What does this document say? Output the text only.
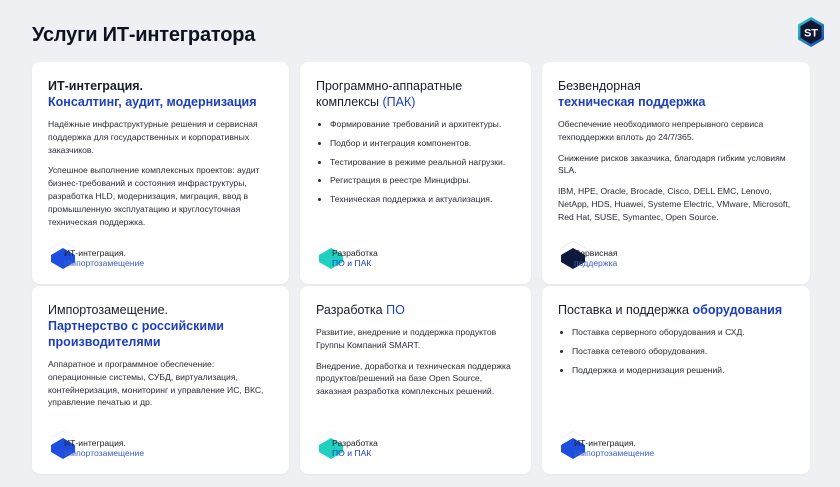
Услуги ИТ-интегратора	ST
ИТ-интеграция.
Консалтинг, аудит, модернизация

Надёжные инфраструктурные решения и сервисная поддержка для государственных и корпоративных заказчиков.

Успешное выполнение комплексных проектов: аудит бизнес-требований и состояния инфраструктуры, разработка HLD, модернизация, миграция, ввод в промышленную эксплуатацию и круглосуточная техническая поддержка.

ИТ-интеграция.
Импортозамещение
Программно-аппаратные
комплексы (ПАК)
Формирование требований и архитектуры.
Подбор и интеграция компонентов.
Тестирование в режиме реальной нагрузки.
Регистрация в реестре Минцифры.
Техническая поддержка и актуализация.
Разработка
ПО и ПАК
Безвендорная
техническая поддержка

Обеспечение необходимого непрерывного сервиса техподдержки вплоть до 24/7/365.

Снижение рисков заказчика, благодаря гибким условиям SLA.

IBM, HPE, Oracle, Brocade, Cisco, DELL EMC, Lenovo, NetApp, HDS, Huawei, Systeme Electric, VMware, Microsoft, Red Hat, SUSE, Symantec, Open Source.

Сервисная
поддержка
Импортозамещение.
Партнерство с российскими производителями

Аппаратное и программное обеспечение: операционные системы, СУБД, виртуализация, контейнеризация, мониторинг и управление ИС, ВКС, управление печатью и др.

ИТ-интеграция.
Импортозамещение
Разработка ПО

Развитие, внедрение и поддержка продуктов Группы Компаний SMART.

Внедрение, доработка и техническая поддержка продуктов/решений на базе Open Source, заказная разработка комплексных решений.

Разработка
ПО и ПАК
Поставка и поддержка оборудования
Поставка серверного оборудования и СХД.
Поставка сетевого оборудования.
Поддержка и модернизация решений.
ИТ-интеграция.
Импортозамещение
